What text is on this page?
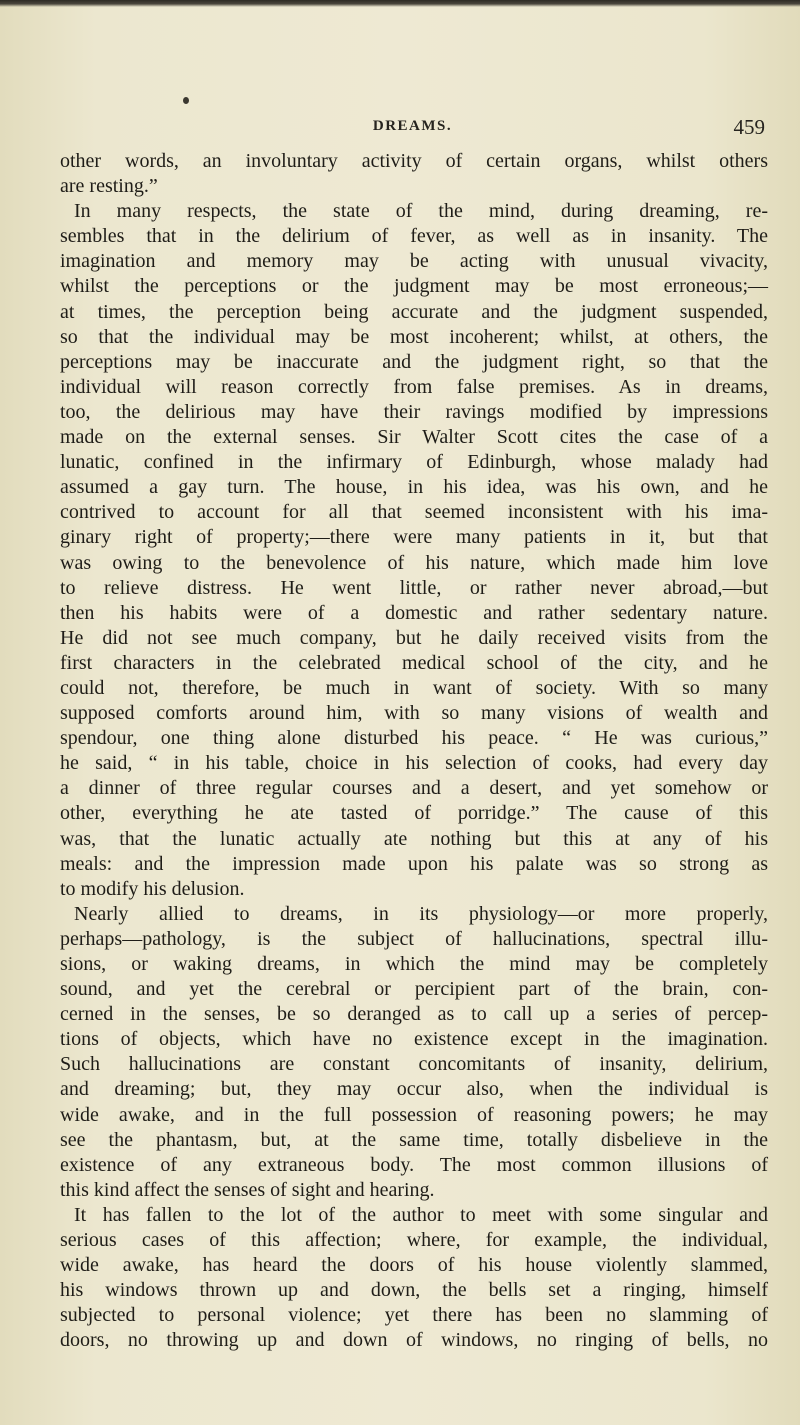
DREAMS.	459
other words, an involuntary activity of certain organs, whilst others
are resting.”
In many respects, the state of the mind, during dreaming, re-
sembles that in the delirium of fever, as well as in insanity. The
imagination and memory may be acting with unusual vivacity,
whilst the perceptions or the judgment may be most erroneous;—
at times, the perception being accurate and the judgment suspended,
so that the individual may be most incoherent; whilst, at others, the
perceptions may be inaccurate and the judgment right, so that the
individual will reason correctly from false premises. As in dreams,
too, the delirious may have their ravings modified by impressions
made on the external senses. Sir Walter Scott cites the case of a
lunatic, confined in the infirmary of Edinburgh, whose malady had
assumed a gay turn. The house, in his idea, was his own, and he
contrived to account for all that seemed inconsistent with his ima-
ginary right of property;—there were many patients in it, but that
was owing to the benevolence of his nature, which made him love
to relieve distress. He went little, or rather never abroad,—but
then his habits were of a domestic and rather sedentary nature.
He did not see much company, but he daily received visits from the
first characters in the celebrated medical school of the city, and he
could not, therefore, be much in want of society. With so many
supposed comforts around him, with so many visions of wealth and
spendour, one thing alone disturbed his peace. “ He was curious,”
he said, “ in his table, choice in his selection of cooks, had every day
a dinner of three regular courses and a desert, and yet somehow or
other, everything he ate tasted of porridge.” The cause of this
was, that the lunatic actually ate nothing but this at any of his
meals: and the impression made upon his palate was so strong as
to modify his delusion.
Nearly allied to dreams, in its physiology—or more properly,
perhaps—pathology, is the subject of hallucinations, spectral illu-
sions, or waking dreams, in which the mind may be completely
sound, and yet the cerebral or percipient part of the brain, con-
cerned in the senses, be so deranged as to call up a series of percep-
tions of objects, which have no existence except in the imagination.
Such hallucinations are constant concomitants of insanity, delirium,
and dreaming; but, they may occur also, when the individual is
wide awake, and in the full possession of reasoning powers; he may
see the phantasm, but, at the same time, totally disbelieve in the
existence of any extraneous body. The most common illusions of
this kind affect the senses of sight and hearing.
It has fallen to the lot of the author to meet with some singular and
serious cases of this affection; where, for example, the individual,
wide awake, has heard the doors of his house violently slammed,
his windows thrown up and down, the bells set a ringing, himself
subjected to personal violence; yet there has been no slamming of
doors, no throwing up and down of windows, no ringing of bells, no
